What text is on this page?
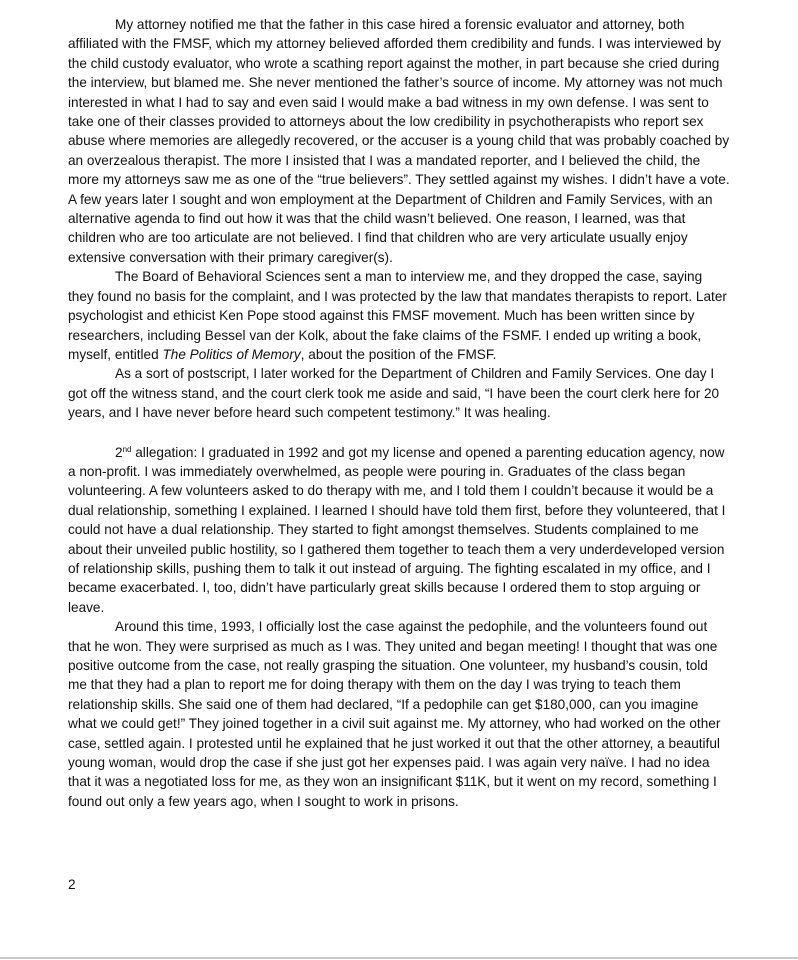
My attorney notified me that the father in this case hired a forensic evaluator and attorney, both affiliated with the FMSF, which my attorney believed afforded them credibility and funds. I was interviewed by the child custody evaluator, who wrote a scathing report against the mother, in part because she cried during the interview, but blamed me. She never mentioned the father’s source of income. My attorney was not much interested in what I had to say and even said I would make a bad witness in my own defense. I was sent to take one of their classes provided to attorneys about the low credibility in psychotherapists who report sex abuse where memories are allegedly recovered, or the accuser is a young child that was probably coached by an overzealous therapist. The more I insisted that I was a mandated reporter, and I believed the child, the more my attorneys saw me as one of the “true believers”. They settled against my wishes. I didn’t have a vote. A few years later I sought and won employment at the Department of Children and Family Services, with an alternative agenda to find out how it was that the child wasn’t believed. One reason, I learned, was that children who are too articulate are not believed. I find that children who are very articulate usually enjoy extensive conversation with their primary caregiver(s).

The Board of Behavioral Sciences sent a man to interview me, and they dropped the case, saying they found no basis for the complaint, and I was protected by the law that mandates therapists to report. Later psychologist and ethicist Ken Pope stood against this FMSF movement. Much has been written since by researchers, including Bessel van der Kolk, about the fake claims of the FSMF. I ended up writing a book, myself, entitled The Politics of Memory, about the position of the FMSF.

As a sort of postscript, I later worked for the Department of Children and Family Services. One day I got off the witness stand, and the court clerk took me aside and said, “I have been the court clerk here for 20 years, and I have never before heard such competent testimony.” It was healing.

2nd allegation: I graduated in 1992 and got my license and opened a parenting education agency, now a non-profit. I was immediately overwhelmed, as people were pouring in. Graduates of the class began volunteering. A few volunteers asked to do therapy with me, and I told them I couldn’t because it would be a dual relationship, something I explained. I learned I should have told them first, before they volunteered, that I could not have a dual relationship. They started to fight amongst themselves. Students complained to me about their unveiled public hostility, so I gathered them together to teach them a very underdeveloped version of relationship skills, pushing them to talk it out instead of arguing. The fighting escalated in my office, and I became exacerbated. I, too, didn’t have particularly great skills because I ordered them to stop arguing or leave.

Around this time, 1993, I officially lost the case against the pedophile, and the volunteers found out that he won. They were surprised as much as I was. They united and began meeting! I thought that was one positive outcome from the case, not really grasping the situation. One volunteer, my husband’s cousin, told me that they had a plan to report me for doing therapy with them on the day I was trying to teach them relationship skills. She said one of them had declared, “If a pedophile can get $180,000, can you imagine what we could get!” They joined together in a civil suit against me. My attorney, who had worked on the other case, settled again. I protested until he explained that he just worked it out that the other attorney, a beautiful young woman, would drop the case if she just got her expenses paid. I was again very naïve. I had no idea that it was a negotiated loss for me, as they won an insignificant $11K, but it went on my record, something I found out only a few years ago, when I sought to work in prisons.

2
